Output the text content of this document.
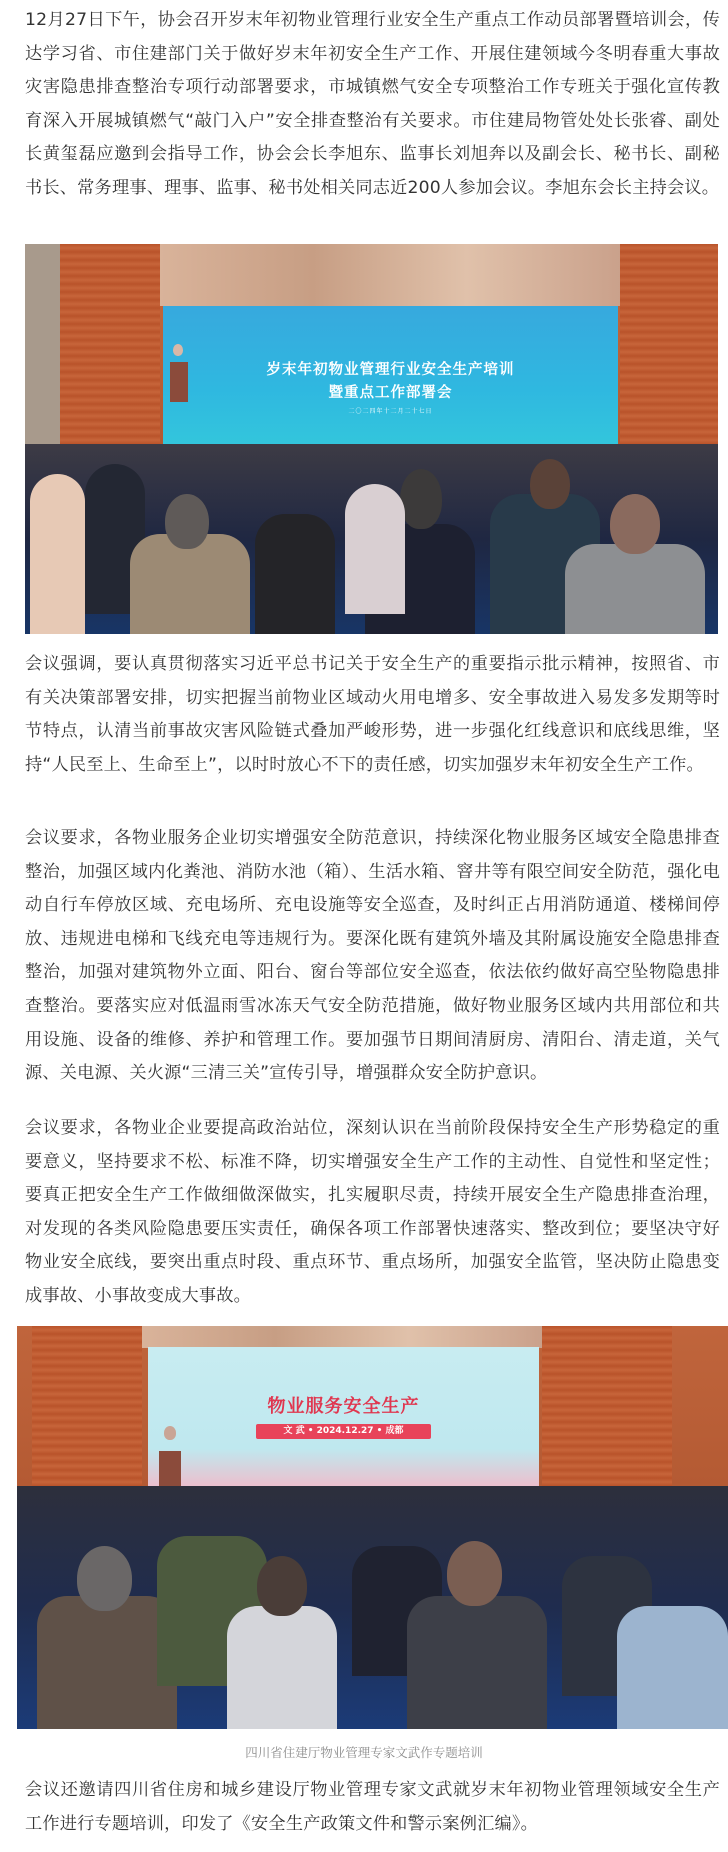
12月27日下午，协会召开岁末年初物业管理行业安全生产重点工作动员部署暨培训会，传达学习省、市住建部门关于做好岁末年初安全生产工作、开展住建领域今冬明春重大事故灾害隐患排查整治专项行动部署要求，市城镇燃气安全专项整治工作专班关于强化宣传教育深入开展城镇燃气“敲门入户”安全排查整治有关要求。市住建局物管处处长张睿、副处长黄玺磊应邀到会指导工作，协会会长李旭东、监事长刘旭奔以及副会长、秘书长、副秘书长、常务理事、理事、监事、秘书处相关同志近200人参加会议。李旭东会长主持会议。

岁末年初物业管理行业安全生产培训
暨重点工作部署会
二〇二四年十二月二十七日

会议强调，要认真贯彻落实习近平总书记关于安全生产的重要指示批示精神，按照省、市有关决策部署安排，切实把握当前物业区域动火用电增多、安全事故进入易发多发期等时节特点，认清当前事故灾害风险链式叠加严峻形势，进一步强化红线意识和底线思维，坚持“人民至上、生命至上”，以时时放心不下的责任感，切实加强岁末年初安全生产工作。

会议要求，各物业服务企业切实增强安全防范意识，持续深化物业服务区域安全隐患排查整治，加强区域内化粪池、消防水池（箱）、生活水箱、窨井等有限空间安全防范，强化电动自行车停放区域、充电场所、充电设施等安全巡查，及时纠正占用消防通道、楼梯间停放、违规进电梯和飞线充电等违规行为。要深化既有建筑外墙及其附属设施安全隐患排查整治，加强对建筑物外立面、阳台、窗台等部位安全巡查，依法依约做好高空坠物隐患排查整治。要落实应对低温雨雪冰冻天气安全防范措施，做好物业服务区域内共用部位和共用设施、设备的维修、养护和管理工作。要加强节日期间清厨房、清阳台、清走道，关气源、关电源、关火源“三清三关”宣传引导，增强群众安全防护意识。

会议要求，各物业企业要提高政治站位，深刻认识在当前阶段保持安全生产形势稳定的重要意义，坚持要求不松、标准不降，切实增强安全生产工作的主动性、自觉性和坚定性；要真正把安全生产工作做细做深做实，扎实履职尽责，持续开展安全生产隐患排查治理，对发现的各类风险隐患要压实责任，确保各项工作部署快速落实、整改到位；要坚决守好物业安全底线，要突出重点时段、重点环节、重点场所，加强安全监管，坚决防止隐患变成事故、小事故变成大事故。

物业服务安全生产
文 武 • 2024.12.27 • 成都
四川省住建厅物业管理专家文武作专题培训

会议还邀请四川省住房和城乡建设厅物业管理专家文武就岁末年初物业管理领域安全生产工作进行专题培训，印发了《安全生产政策文件和警示案例汇编》。
